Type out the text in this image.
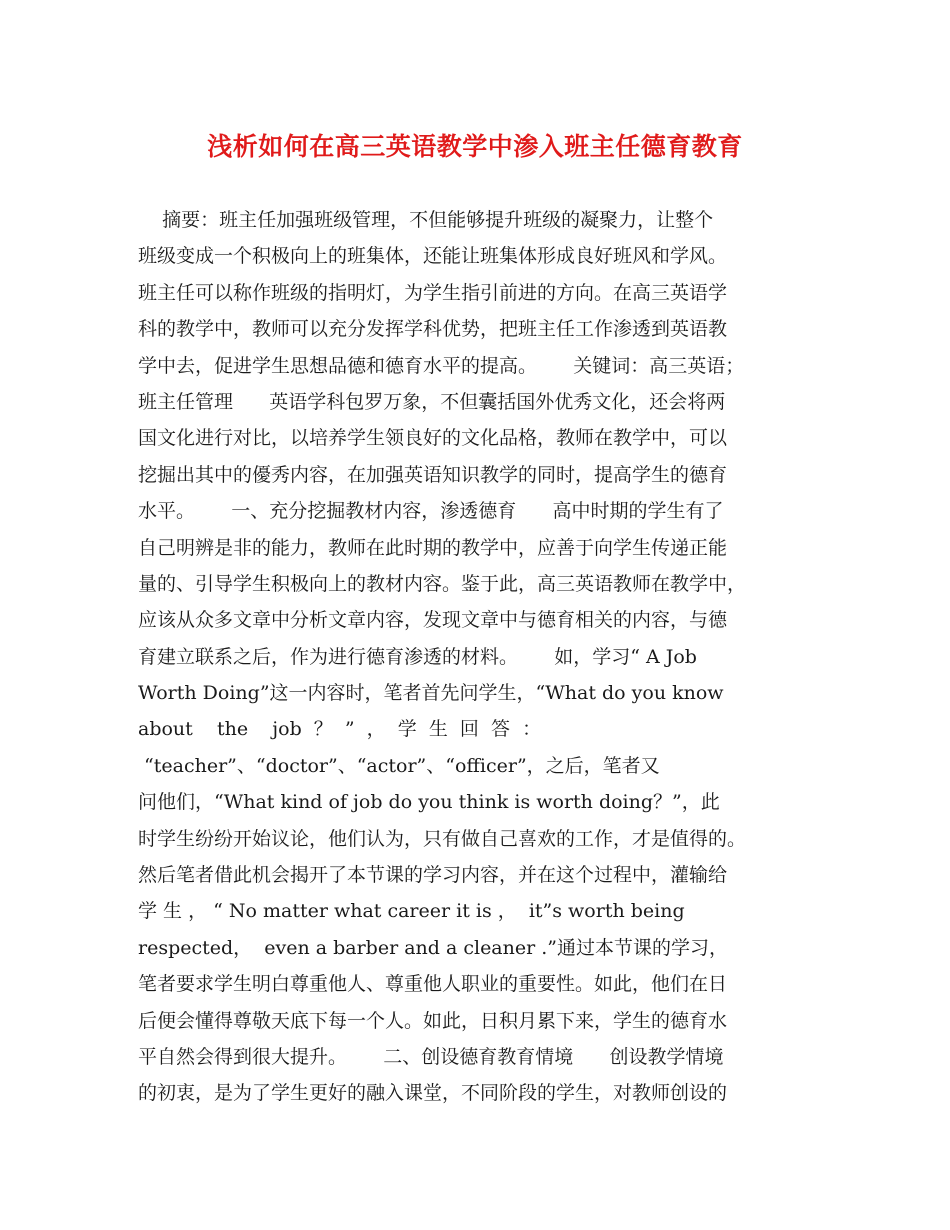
浅析如何在高三英语教学中渗入班主任德育教育
摘要：班主任加强班级管理，不但能够提升班级的凝聚力，让整个
班级变成一个积极向上的班集体，还能让班集体形成良好班风和学风。
班主任可以称作班级的指明灯，为学生指引前进的方向。在高三英语学
科的教学中，教师可以充分发挥学科优势，把班主任工作渗透到英语教
学中去，促进学生思想品德和德育水平的提高。      关键词：高三英语；
班主任管理      英语学科包罗万象，不但囊括国外优秀文化，还会将两
国文化进行对比，以培养学生领良好的文化品格，教师在教学中，可以
挖掘出其中的優秀内容，在加强英语知识教学的同时，提高学生的德育
水平。      一、充分挖掘教材内容，渗透德育      高中时期的学生有了
自己明辨是非的能力，教师在此时期的教学中，应善于向学生传递正能
量的、引导学生积极向上的教材内容。鉴于此，高三英语教师在教学中，
应该从众多文章中分析文章内容，发现文章中与德育相关的内容，与德
育建立联系之后，作为进行德育渗透的材料。      如，学习“ A Job
Worth Doing”这一内容时，笔者首先问学生，“What do you know
about    the    job  ？  ”  ，  学  生  回  答  ：
“teacher”、“doctor”、“actor”、“officer”，之后，笔者又
问他们，“What kind of job do you think is worth doing？”，此
时学生纷纷开始议论，他们认为，只有做自己喜欢的工作，才是值得的。
然后笔者借此机会揭开了本节课的学习内容，并在这个过程中，灌输给
学 生 ， “ No matter what career it is ，  it”s worth being
respected，  even a barber and a cleaner .”通过本节课的学习，
笔者要求学生明白尊重他人、尊重他人职业的重要性。如此，他们在日
后便会懂得尊敬天底下每一个人。如此，日积月累下来，学生的德育水
平自然会得到很大提升。      二、创设德育教育情境      创设教学情境
的初衷，是为了学生更好的融入课堂，不同阶段的学生，对教师创设的
